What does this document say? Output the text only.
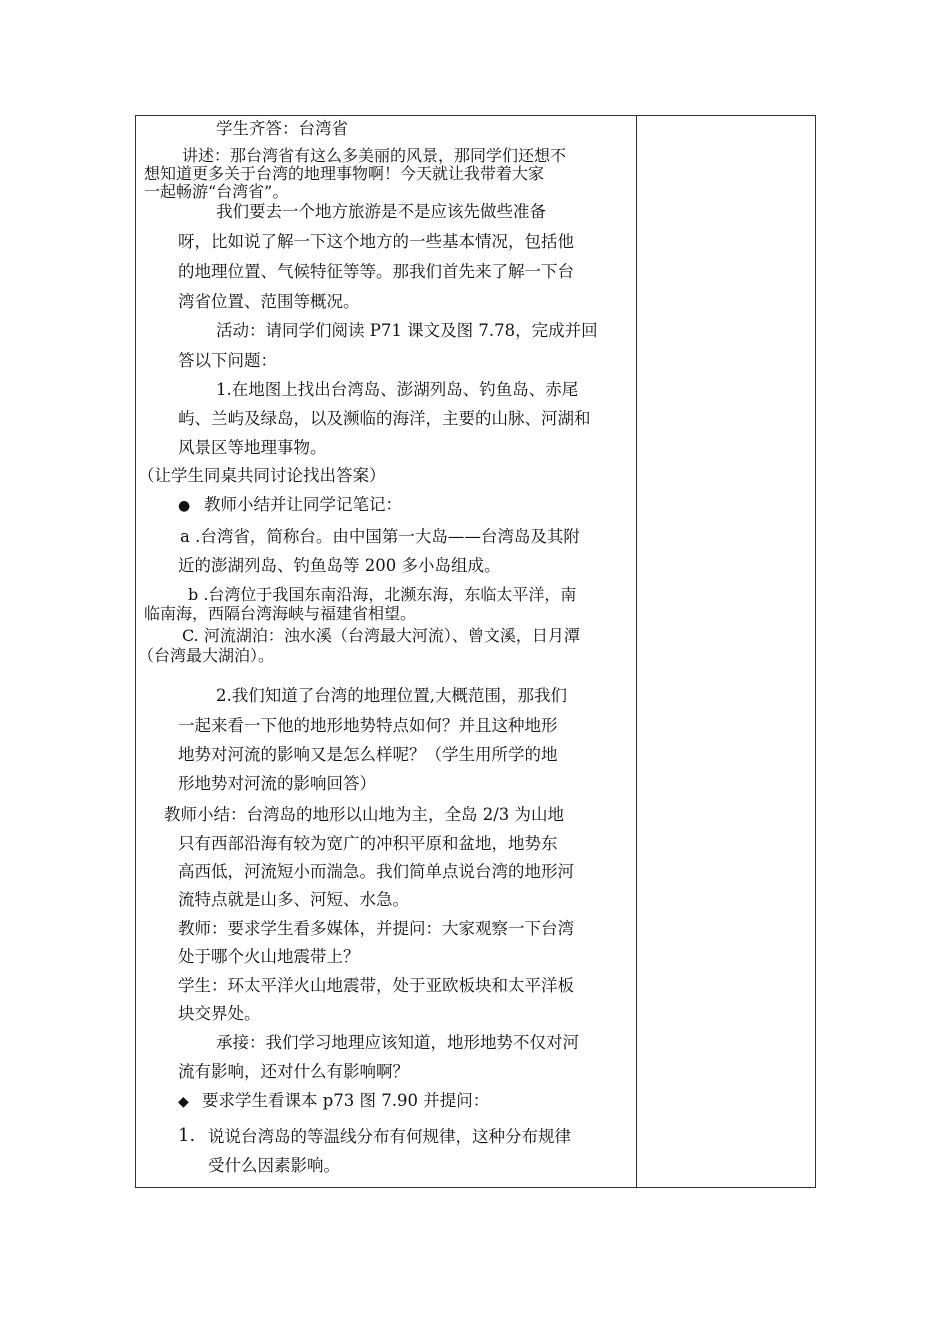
学生齐答：台湾省
讲述：那台湾省有这么多美丽的风景，那同学们还想不
想知道更多关于台湾的地理事物啊！今天就让我带着大家
一起畅游“台湾省”。
我们要去一个地方旅游是不是应该先做些准备
呀，比如说了解一下这个地方的一些基本情况，包括他
的地理位置、气候特征等等。那我们首先来了解一下台
湾省位置、范围等概况。
活动：请同学们阅读 P71 课文及图 7.78，完成并回
答以下问题：
1.在地图上找出台湾岛、澎湖列岛、钓鱼岛、赤尾
屿、兰屿及绿岛，以及濒临的海洋，主要的山脉、河湖和
风景区等地理事物。
（让学生同桌共同讨论找出答案）
● 教师小结并让同学记笔记：
a .台湾省，简称台。由中国第一大岛——台湾岛及其附
近的澎湖列岛、钓鱼岛等 200 多小岛组成。
b .台湾位于我国东南沿海，北濒东海，东临太平洋，南
临南海，西隔台湾海峡与福建省相望。
C. 河流湖泊：浊水溪（台湾最大河流）、曾文溪，日月潭
（台湾最大湖泊）。
2.我们知道了台湾的地理位置,大概范围，那我们
一起来看一下他的地形地势特点如何？并且这种地形
地势对河流的影响又是怎么样呢？（学生用所学的地
形地势对河流的影响回答）
教师小结：台湾岛的地形以山地为主，全岛 2/3 为山地
只有西部沿海有较为宽广的冲积平原和盆地，地势东
高西低，河流短小而湍急。我们简单点说台湾的地形河
流特点就是山多、河短、水急。
教师：要求学生看多媒体，并提问：大家观察一下台湾
处于哪个火山地震带上？
学生：环太平洋火山地震带，处于亚欧板块和太平洋板
块交界处。
承接：我们学习地理应该知道，地形地势不仅对河
流有影响，还对什么有影响啊？
◆ 要求学生看课本 p73 图 7.90 并提问：
1. 说说台湾岛的等温线分布有何规律，这种分布规律
受什么因素影响。
